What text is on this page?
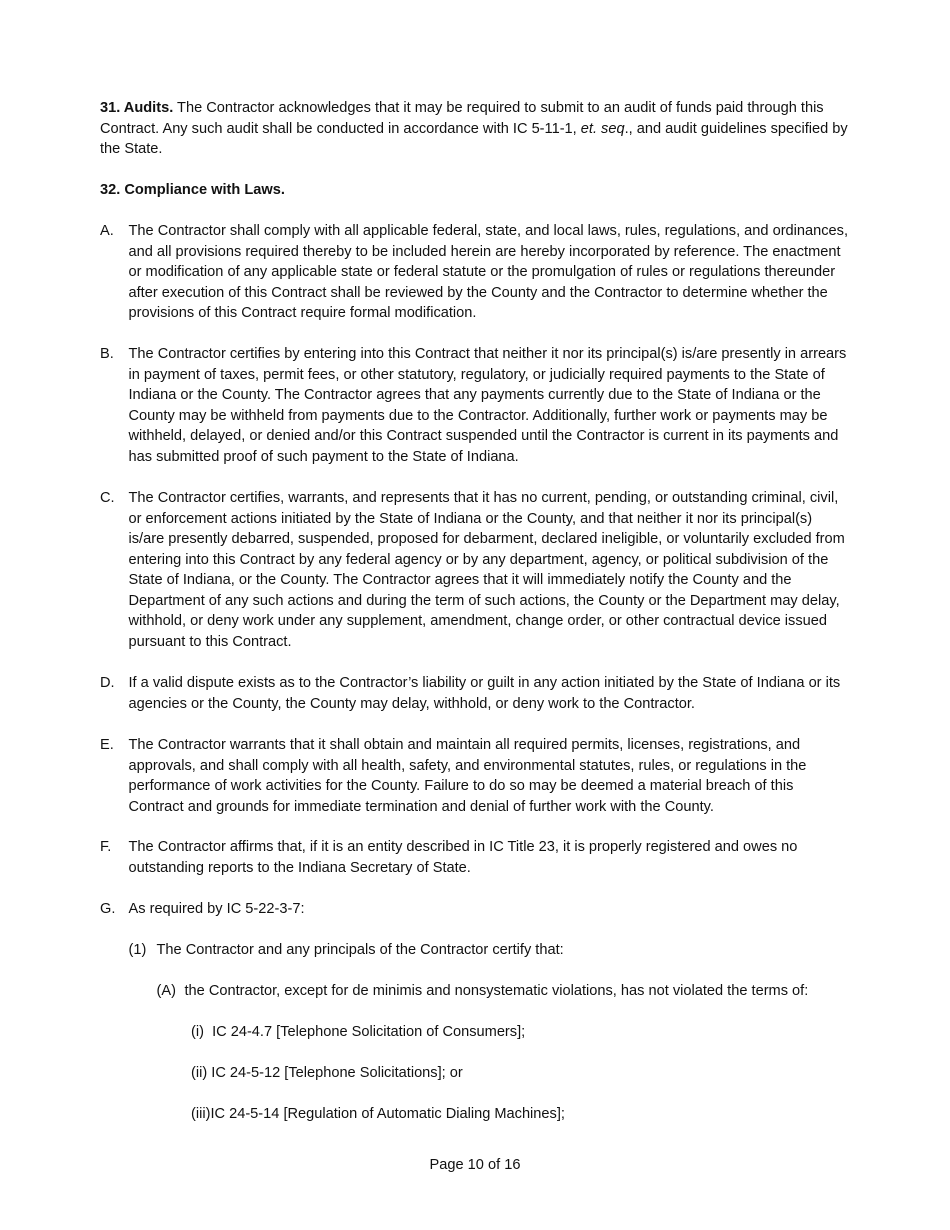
31. Audits. The Contractor acknowledges that it may be required to submit to an audit of funds paid through this Contract. Any such audit shall be conducted in accordance with IC 5-11-1, et. seq., and audit guidelines specified by the State.

32. Compliance with Laws.

A. The Contractor shall comply with all applicable federal, state, and local laws, rules, regulations, and ordinances, and all provisions required thereby to be included herein are hereby incorporated by reference. The enactment or modification of any applicable state or federal statute or the promulgation of rules or regulations thereunder after execution of this Contract shall be reviewed by the County and the Contractor to determine whether the provisions of this Contract require formal modification.

B. The Contractor certifies by entering into this Contract that neither it nor its principal(s) is/are presently in arrears in payment of taxes, permit fees, or other statutory, regulatory, or judicially required payments to the State of Indiana or the County. The Contractor agrees that any payments currently due to the State of Indiana or the County may be withheld from payments due to the Contractor. Additionally, further work or payments may be withheld, delayed, or denied and/or this Contract suspended until the Contractor is current in its payments and has submitted proof of such payment to the State of Indiana.

C. The Contractor certifies, warrants, and represents that it has no current, pending, or outstanding criminal, civil, or enforcement actions initiated by the State of Indiana or the County, and that neither it nor its principal(s) is/are presently debarred, suspended, proposed for debarment, declared ineligible, or voluntarily excluded from entering into this Contract by any federal agency or by any department, agency, or political subdivision of the State of Indiana, or the County. The Contractor agrees that it will immediately notify the County and the Department of any such actions and during the term of such actions, the County or the Department may delay, withhold, or deny work under any supplement, amendment, change order, or other contractual device issued pursuant to this Contract.

D. If a valid dispute exists as to the Contractor’s liability or guilt in any action initiated by the State of Indiana or its agencies or the County, the County may delay, withhold, or deny work to the Contractor.

E. The Contractor warrants that it shall obtain and maintain all required permits, licenses, registrations, and approvals, and shall comply with all health, safety, and environmental statutes, rules, or regulations in the performance of work activities for the County. Failure to do so may be deemed a material breach of this Contract and grounds for immediate termination and denial of further work with the County.

F. The Contractor affirms that, if it is an entity described in IC Title 23, it is properly registered and owes no outstanding reports to the Indiana Secretary of State.

G. As required by IC 5-22-3-7:

(1) The Contractor and any principals of the Contractor certify that:

(A) the Contractor, except for de minimis and nonsystematic violations, has not violated the terms of:

(i)  IC 24-4.7 [Telephone Solicitation of Consumers];

(ii) IC 24-5-12 [Telephone Solicitations]; or

(iii)IC 24-5-14 [Regulation of Automatic Dialing Machines];

Page 10 of 16
